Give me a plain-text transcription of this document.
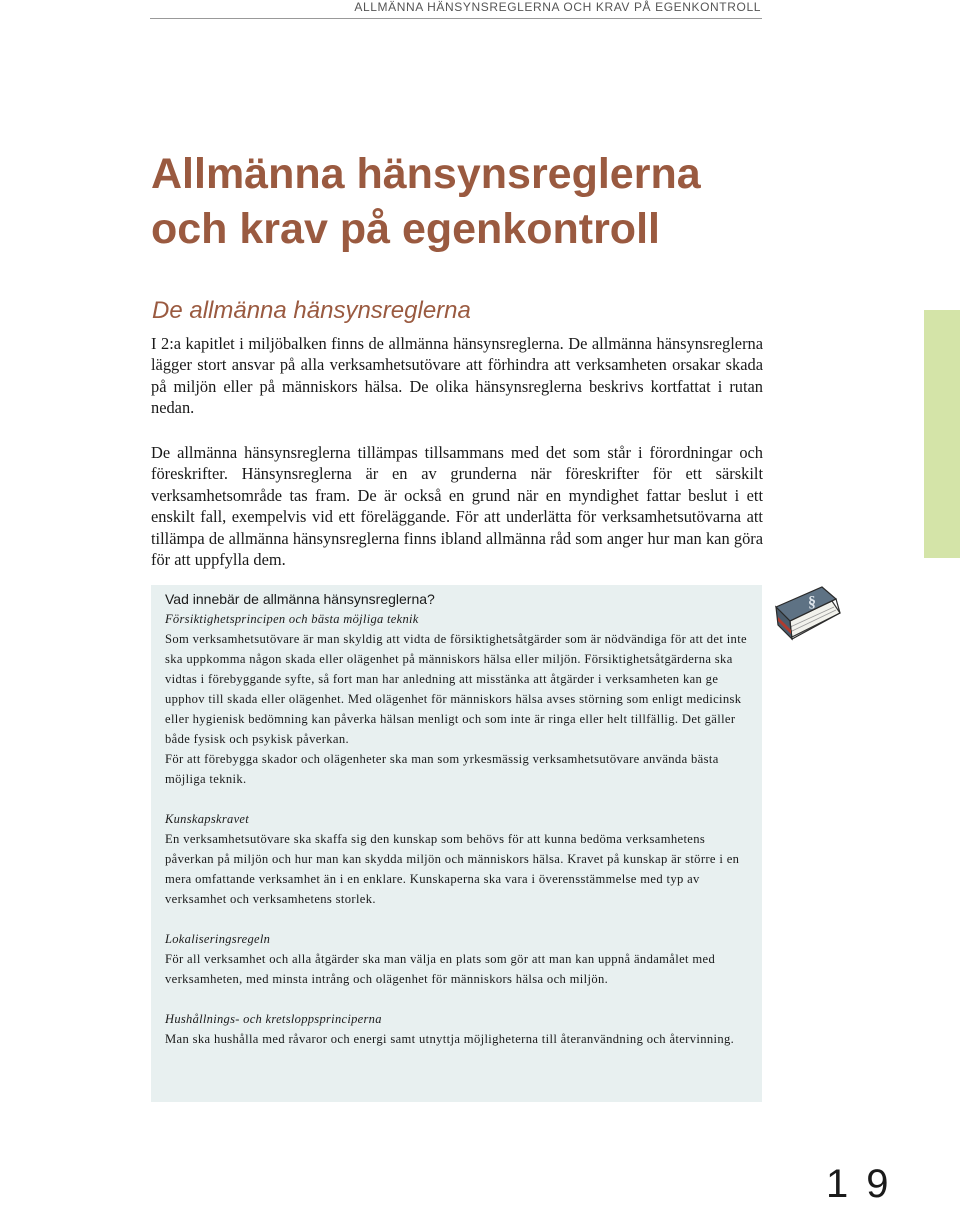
ALLMÄNNA HÄNSYNSREGLERNA OCH KRAV PÅ EGENKONTROLL
Allmänna hänsynsreglerna
och krav på egenkontroll
De allmänna hänsynsreglerna

I 2:a kapitlet i miljöbalken finns de allmänna hänsynsreglerna. De allmänna hänsynsreglerna lägger stort ansvar på alla verksamhetsutövare att förhindra att verksamheten orsakar skada på miljön eller på människors hälsa. De olika hänsynsreglerna beskrivs kortfattat i rutan nedan.

De allmänna hänsynsreglerna tillämpas tillsammans med det som står i förordningar och föreskrifter. Hänsynsreglerna är en av grunderna när föreskrifter för ett särskilt verksamhetsområde tas fram. De är också en grund när en myndighet fattar beslut i ett enskilt fall, exempelvis vid ett föreläggande. För att underlätta för verksamhetsutövarna att tillämpa de allmänna hänsynsreglerna finns ibland allmänna råd som anger hur man kan göra för att uppfylla dem.

Vad innebär de allmänna hänsynsreglerna?

Försiktighetsprincipen och bästa möjliga teknik
Som verksamhetsutövare är man skyldig att vidta de försiktighetsåtgärder som är nödvändiga för att det inte ska uppkomma någon skada eller olägenhet på människors hälsa eller miljön. Försiktighetsåtgärderna ska vidtas i förebyggande syfte, så fort man har anledning att misstänka att åtgärder i verksamheten kan ge upphov till skada eller olägenhet. Med olägenhet för människors hälsa avses störning som enligt medicinsk eller hygienisk bedömning kan påverka hälsan menligt och som inte är ringa eller helt tillfällig. Det gäller både fysisk och psykisk påverkan.
För att förebygga skador och olägenheter ska man som yrkesmässig verksamhetsutövare använda bästa möjliga teknik.
Kunskapskravet
En verksamhetsutövare ska skaffa sig den kunskap som behövs för att kunna bedöma verksamhetens påverkan på miljön och hur man kan skydda miljön och människors hälsa. Kravet på kunskap är större i en mera omfattande verksamhet än i en enklare. Kunskaperna ska vara i överensstämmelse med typ av verksamhet och verksamhetens storlek.
Lokaliseringsregeln
För all verksamhet och alla åtgärder ska man välja en plats som gör att man kan uppnå ändamålet med verksamheten, med minsta intrång och olägenhet för människors hälsa och miljön.
Hushållnings- och kretsloppsprinciperna
Man ska hushålla med råvaror och energi samt utnyttja möjligheterna till återanvändning och återvinning.
§
19
